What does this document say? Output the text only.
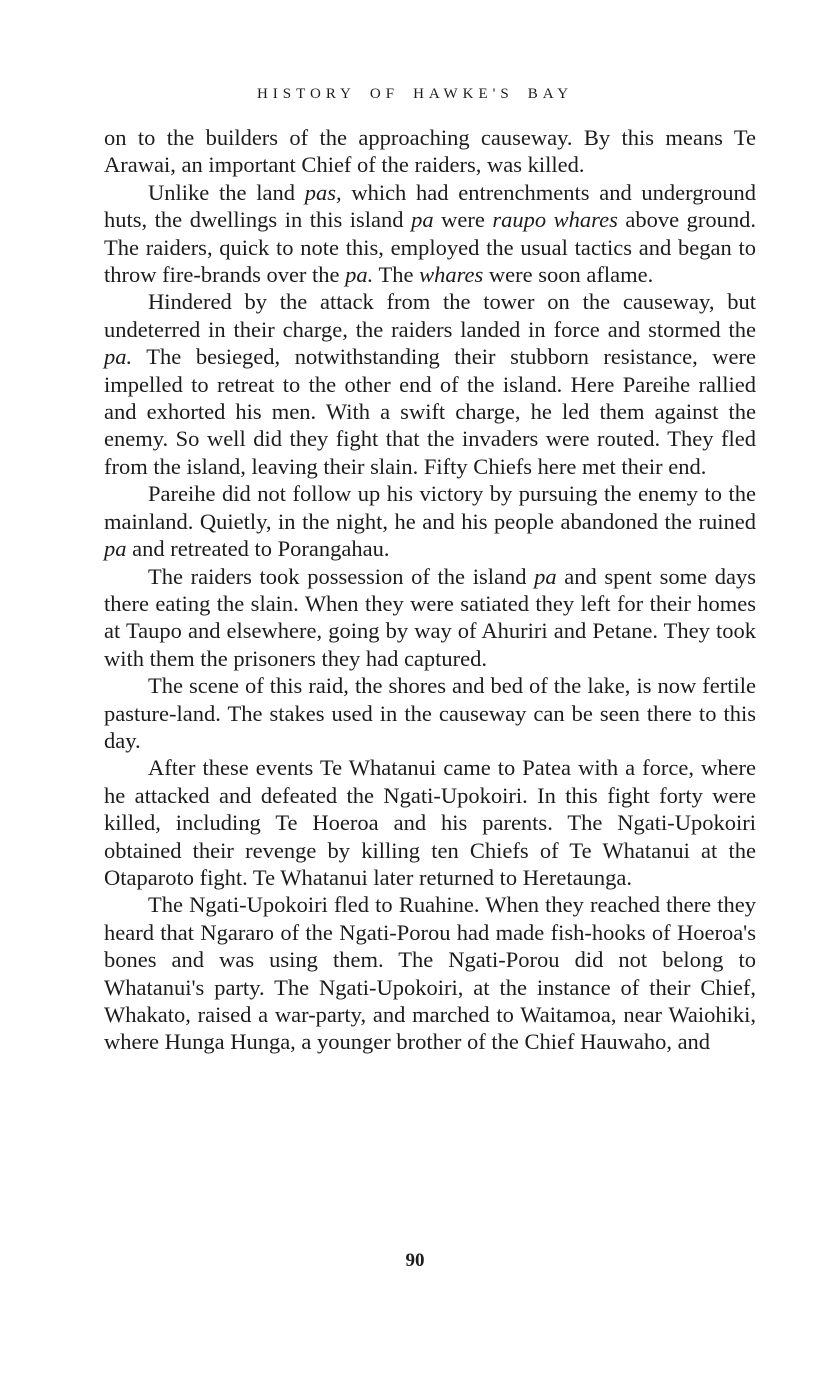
HISTORY OF HAWKE'S BAY

on to the builders of the approaching causeway. By this means Te Arawai, an important Chief of the raiders, was killed.

Unlike the land pas, which had entrenchments and underground huts, the dwellings in this island pa were raupo whares above ground. The raiders, quick to note this, employed the usual tactics and began to throw fire-brands over the pa. The whares were soon aflame.

Hindered by the attack from the tower on the causeway, but undeterred in their charge, the raiders landed in force and stormed the pa. The besieged, notwithstanding their stubborn resistance, were impelled to retreat to the other end of the island. Here Pareihe rallied and exhorted his men. With a swift charge, he led them against the enemy. So well did they fight that the invaders were routed. They fled from the island, leaving their slain. Fifty Chiefs here met their end.

Pareihe did not follow up his victory by pursuing the enemy to the mainland. Quietly, in the night, he and his people abandoned the ruined pa and retreated to Porangahau.

The raiders took possession of the island pa and spent some days there eating the slain. When they were satiated they left for their homes at Taupo and elsewhere, going by way of Ahuriri and Petane. They took with them the prisoners they had captured.

The scene of this raid, the shores and bed of the lake, is now fertile pasture-land. The stakes used in the causeway can be seen there to this day.

After these events Te Whatanui came to Patea with a force, where he attacked and defeated the Ngati-Upokoiri. In this fight forty were killed, including Te Hoeroa and his parents. The Ngati-Upokoiri obtained their revenge by killing ten Chiefs of Te Whatanui at the Otaparoto fight. Te Whatanui later returned to Heretaunga.

The Ngati-Upokoiri fled to Ruahine. When they reached there they heard that Ngararo of the Ngati-Porou had made fish-hooks of Hoeroa's bones and was using them. The Ngati-Porou did not belong to Whatanui's party. The Ngati-Upokoiri, at the instance of their Chief, Whakato, raised a war-party, and marched to Waitamoa, near Waiohiki, where Hunga Hunga, a younger brother of the Chief Hauwaho, and

90
